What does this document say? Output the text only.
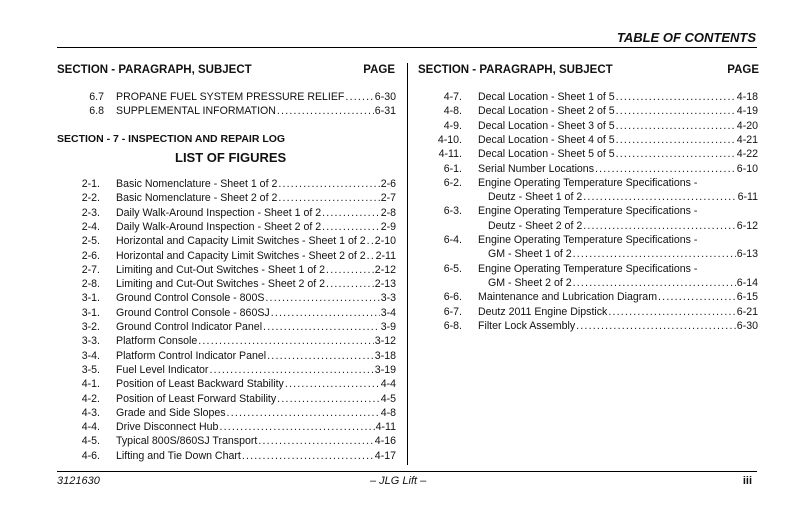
TABLE OF CONTENTS
SECTION - PARAGRAPH, SUBJECT	PAGE SECTION - PARAGRAPH, SUBJECT	PAGE
6.7 PROPANE FUEL SYSTEM PRESSURE RELIEF .....	6-30
6.8 SUPPLEMENTAL INFORMATION .....	6-31
SECTION - 7 - INSPECTION AND REPAIR LOG
LIST OF FIGURES
2-1. Basic Nomenclature - Sheet 1 of 2 .....	2-6
2-2. Basic Nomenclature - Sheet 2 of 2 .....	2-7
2-3. Daily Walk-Around Inspection - Sheet 1 of 2 .....	2-8
2-4. Daily Walk-Around Inspection - Sheet 2 of 2 .....	2-9
2-5. Horizontal and Capacity Limit Switches - Sheet 1 of 2 ..... 2-10
2-6. Horizontal and Capacity Limit Switches - Sheet 2 of 2 ..... 2-11
2-7. Limiting and Cut-Out Switches - Sheet 1 of 2 .....	2-12
2-8. Limiting and Cut-Out Switches - Sheet 2 of 2 .....	2-13
3-1. Ground Control Console - 800S .....	3-3
3-1. Ground Control Console - 860SJ .....	3-4
3-2. Ground Control Indicator Panel .....	3-9
3-3. Platform Console .....	3-12
3-4. Platform Control Indicator Panel .....	3-18
3-5. Fuel Level Indicator .....	3-19
4-1. Position of Least Backward Stability .....	4-4
4-2. Position of Least Forward Stability .....	4-5
4-3. Grade and Side Slopes .....	4-8
4-4. Drive Disconnect Hub .....	4-11
4-5. Typical 800S/860SJ Transport .....	4-16
4-6. Lifting and Tie Down Chart .....	4-17
4-7. Decal Location - Sheet 1 of 5 .....	4-18
4-8. Decal Location - Sheet 2 of 5 .....	4-19
4-9. Decal Location - Sheet 3 of 5 .....	4-20
4-10. Decal Location - Sheet 4 of 5 .....	4-21
4-11. Decal Location - Sheet 5 of 5 .....	4-22
6-1. Serial Number Locations .....	6-10
6-2. Engine Operating Temperature Specifications -
Deutz - Sheet 1 of 2 .....	6-11
6-3. Engine Operating Temperature Specifications -
Deutz - Sheet 2 of 2 .....	6-12
6-4. Engine Operating Temperature Specifications -
GM - Sheet 1 of 2 .....	6-13
6-5. Engine Operating Temperature Specifications -
GM - Sheet 2 of 2 .....	6-14
6-6. Maintenance and Lubrication Diagram .....	6-15
6-7. Deutz 2011 Engine Dipstick .....	6-21
6-8. Filter Lock Assembly .....	6-30
3121630	– JLG Lift –	iii
